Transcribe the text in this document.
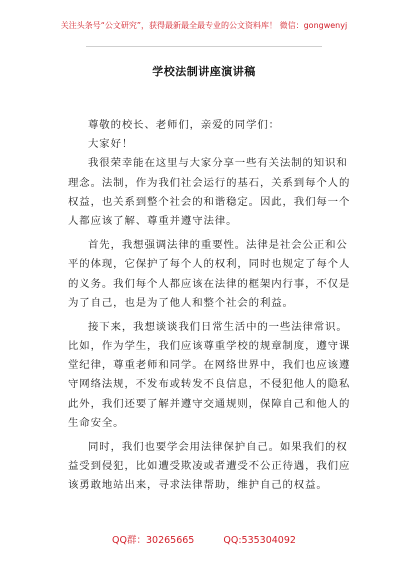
关注头条号“公文研究”，获得最新最全最专业的公文资料库！ 微信：gongwenyj
学校法制讲座演讲稿
尊敬的校长、老师们，亲爱的同学们：
大家好！
我很荣幸能在这里与大家分享一些有关法制的知识和
理念。法制，作为我们社会运行的基石，关系到每个人的
权益，也关系到整个社会的和谐稳定。因此，我们每一个
人都应该了解、尊重并遵守法律。
首先，我想强调法律的重要性。法律是社会公正和公
平的体现，它保护了每个人的权利，同时也规定了每个人
的义务。我们每个人都应该在法律的框架内行事，不仅是
为了自己，也是为了他人和整个社会的利益。
接下来，我想谈谈我们日常生活中的一些法律常识。
比如，作为学生，我们应该尊重学校的规章制度，遵守课
堂纪律，尊重老师和同学。在网络世界中，我们也应该遵
守网络法规，不发布或转发不良信息，不侵犯他人的隐私
此外，我们还要了解并遵守交通规则，保障自己和他人的
生命安全。
同时，我们也要学会用法律保护自己。如果我们的权
益受到侵犯，比如遭受欺凌或者遭受不公正待遇，我们应
该勇敢地站出来，寻求法律帮助，维护自己的权益。
QQ群：30265665	QQ:535304092
